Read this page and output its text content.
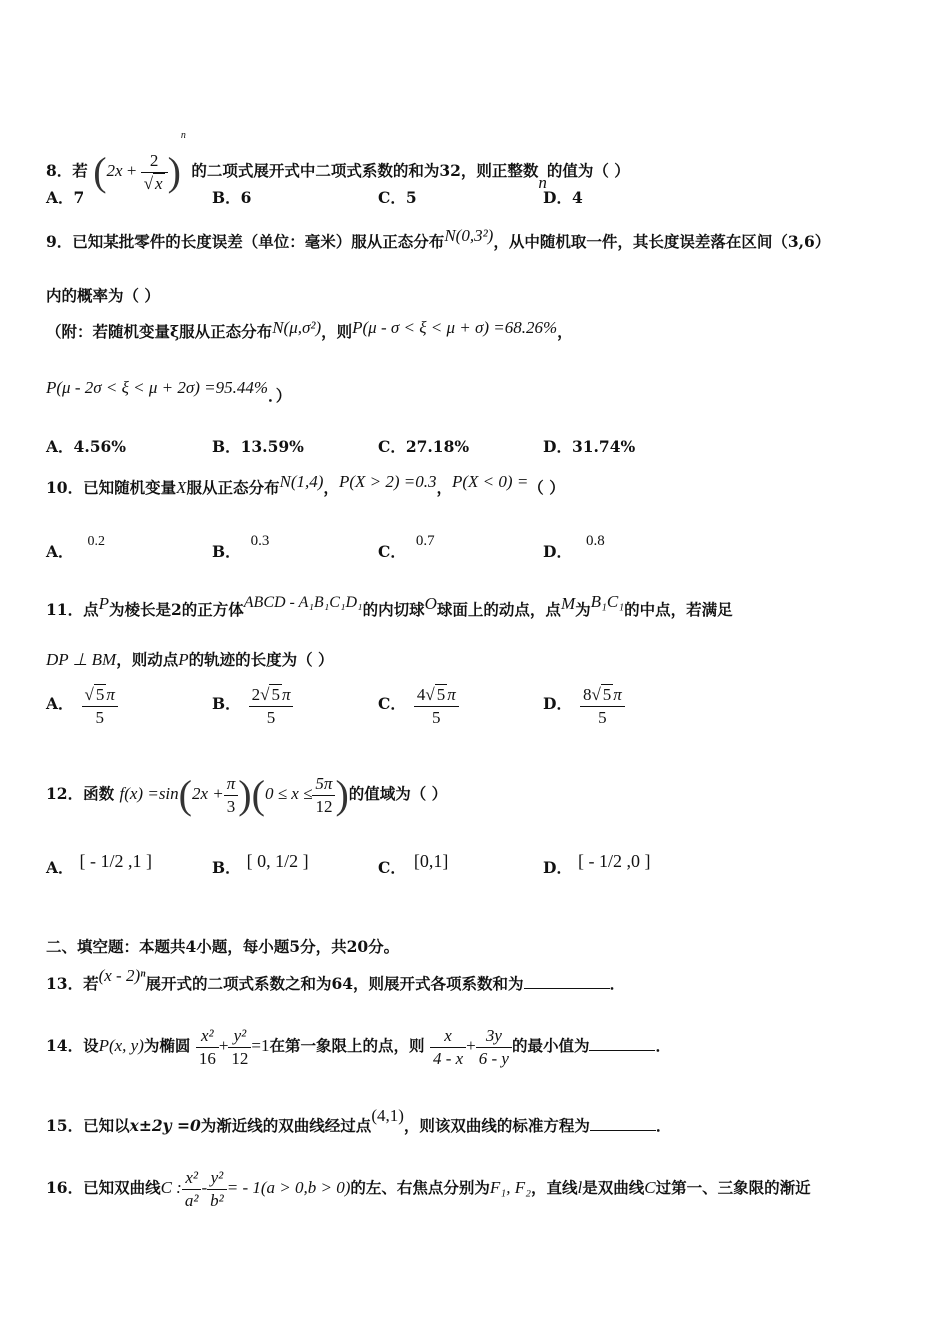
8．若 $(2x + \frac{2}{√ x} )^n$ 的二项式展开式中二项式系数的和为32，则正整数n的值为（ ）
A．7	B．6	C．5	D．4
9．已知某批零件的长度误差（单位：毫米）服从正态分布N(0,3²)，从中随机取一件，其长度误差落在区间（3,6）
内的概率为（ ）
（附：若随机变量ξ服从正态分布N(μ,σ²)，则P(μ - σ < ξ < μ + σ) =68.26%，
P(μ - 2σ < ξ < μ + 2σ) =95.44%．）
A．4.56%	B．13.59%	C．27.18%	D．31.74%
10．已知随机变量X服从正态分布N(1,4)，P(X > 2) =0.3，P(X < 0) =（ ）
A．0.2
B．0.3
C．0.7
D．0.8
11．点P为棱长是2的正方体ABCD - A₁B₁C₁D₁的内切球O球面上的动点，点M为B₁C₁的中点，若满足
DP ⊥ BM，则动点P的轨迹的长度为（ ）
A． $\frac{√ 5 \pi}{5}$	B． $\frac{2√ 5 \pi}{5}$	C． $\frac{4√ 5 \pi}{5}$	D． $\frac{8√ 5 \pi}{5}$
12．函数 $f(x) =\sin(2x + \frac{\pi}{3} )(0 \le x \le \frac{5\pi}{12}$ )的值域为（ ）
A． [ - 1/2 ,1 ]	B． [ 0, 1/2 ]	C． [0,1]	D． [ - 1/2 ,0 ]
二、填空题：本题共4小题，每小题5分，共20分。
13．若(x - 2)ⁿ展开式的二项式系数之和为64，则展开式各项系数和为	．
14．设P(x, y)为椭圆 $\frac{\text{x²}}{16} + \frac{\text{y²}}{12} =1$在第一象限上的点，则 $\frac{x}{4 - x} + \frac{3y}{6 - y}$ 的最小值为	．
15．已知以x±2y =0为渐近线的双曲线经过点(4,1)，则该双曲线的标准方程为	．
16．已知双曲线C : $\frac{\text{x²}}{\text{a²}} - \frac{\text{y²}}{\text{b²}}$ = - 1(a > 0,b > 0)的左、右焦点分别为F₁, F₂，直线l是双曲线C过第一、三象限的渐近
